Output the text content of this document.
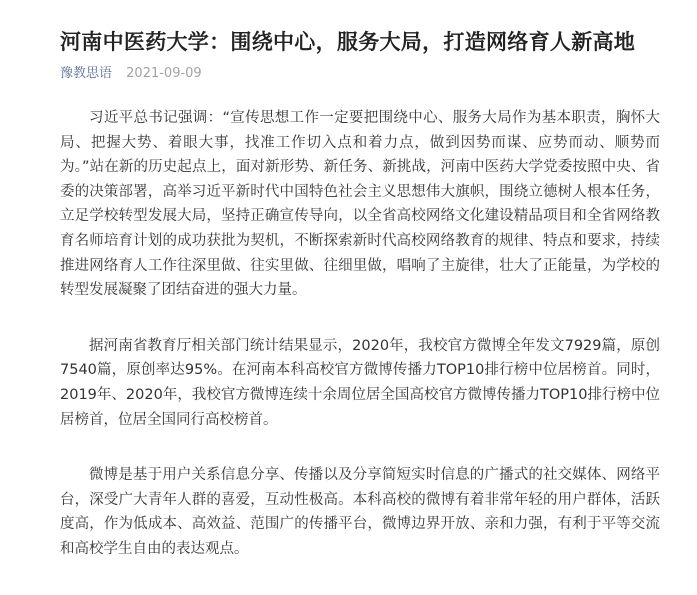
河南中医药大学：围绕中心，服务大局，打造网络育人新高地
豫教思语 2021-09-09

习近平总书记强调：“宣传思想工作一定要把围绕中心、服务大局作为基本职责，胸怀大局、把握大势、着眼大事，找准工作切入点和着力点，做到因势而谋、应势而动、顺势而为。”站在新的历史起点上，面对新形势、新任务、新挑战，河南中医药大学党委按照中央、省委的决策部署，高举习近平新时代中国特色社会主义思想伟大旗帜，围绕立德树人根本任务，立足学校转型发展大局，坚持正确宣传导向，以全省高校网络文化建设精品项目和全省网络教育名师培育计划的成功获批为契机，不断探索新时代高校网络教育的规律、特点和要求，持续推进网络育人工作往深里做、往实里做、往细里做，唱响了主旋律，壮大了正能量，为学校的转型发展凝聚了团结奋进的强大力量。

据河南省教育厅相关部门统计结果显示，2020年，我校官方微博全年发文7929篇，原创7540篇，原创率达95%。在河南本科高校官方微博传播力TOP10排行榜中位居榜首。同时，2019年、2020年，我校官方微博连续十余周位居全国高校官方微博传播力TOP10排行榜中位居榜首，位居全国同行高校榜首。

微博是基于用户关系信息分享、传播以及分享简短实时信息的广播式的社交媒体、网络平台，深受广大青年人群的喜爱，互动性极高。本科高校的微博有着非常年轻的用户群体，活跃度高，作为低成本、高效益、范围广的传播平台，微博边界开放、亲和力强，有利于平等交流和高校学生自由的表达观点。
